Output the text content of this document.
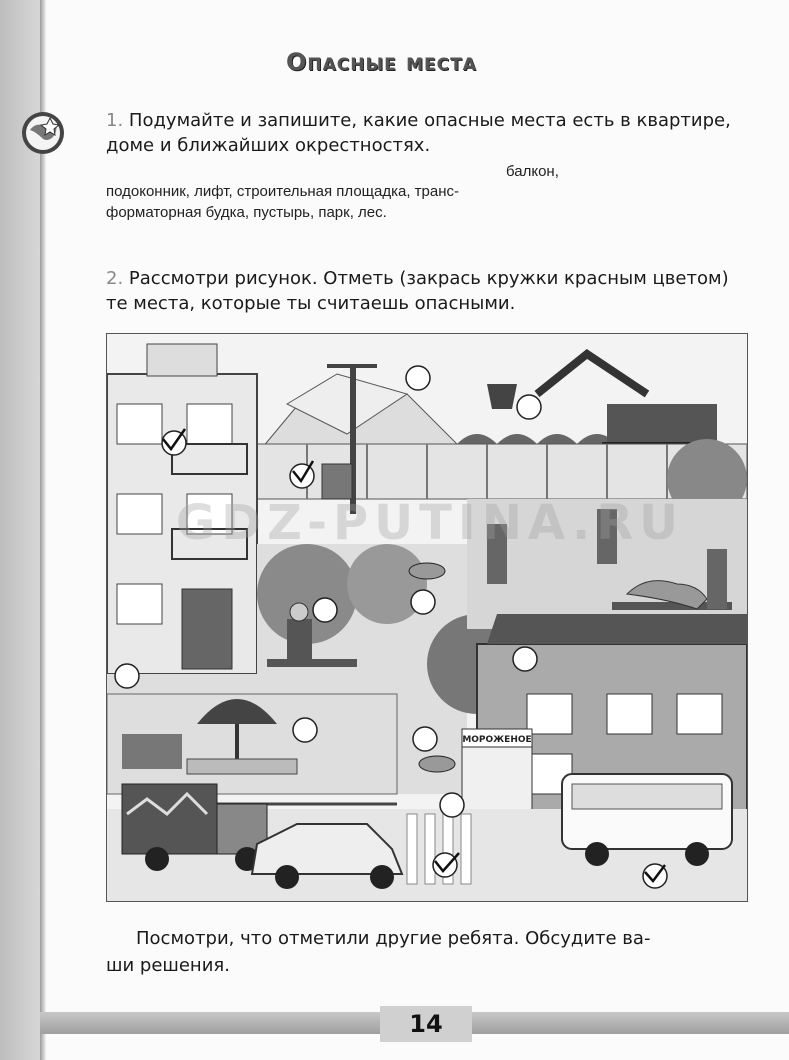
Опасные места
1. Подумайте и запишите, какие опасные места есть в квартире, доме и ближайших окрестностях.
балкон,
подоконник, лифт, строительная площадка, транс-
форматорная будка, пустырь, парк, лес.
2. Рассмотри рисунок. Отметь (закрась кружки красным цветом) те места, которые ты считаешь опасными.
МОРОЖЕНОЕ
GDZ-PUTINA.RU
Посмотри, что отметили другие ребята. Обсудите ва-
ши решения.
14
